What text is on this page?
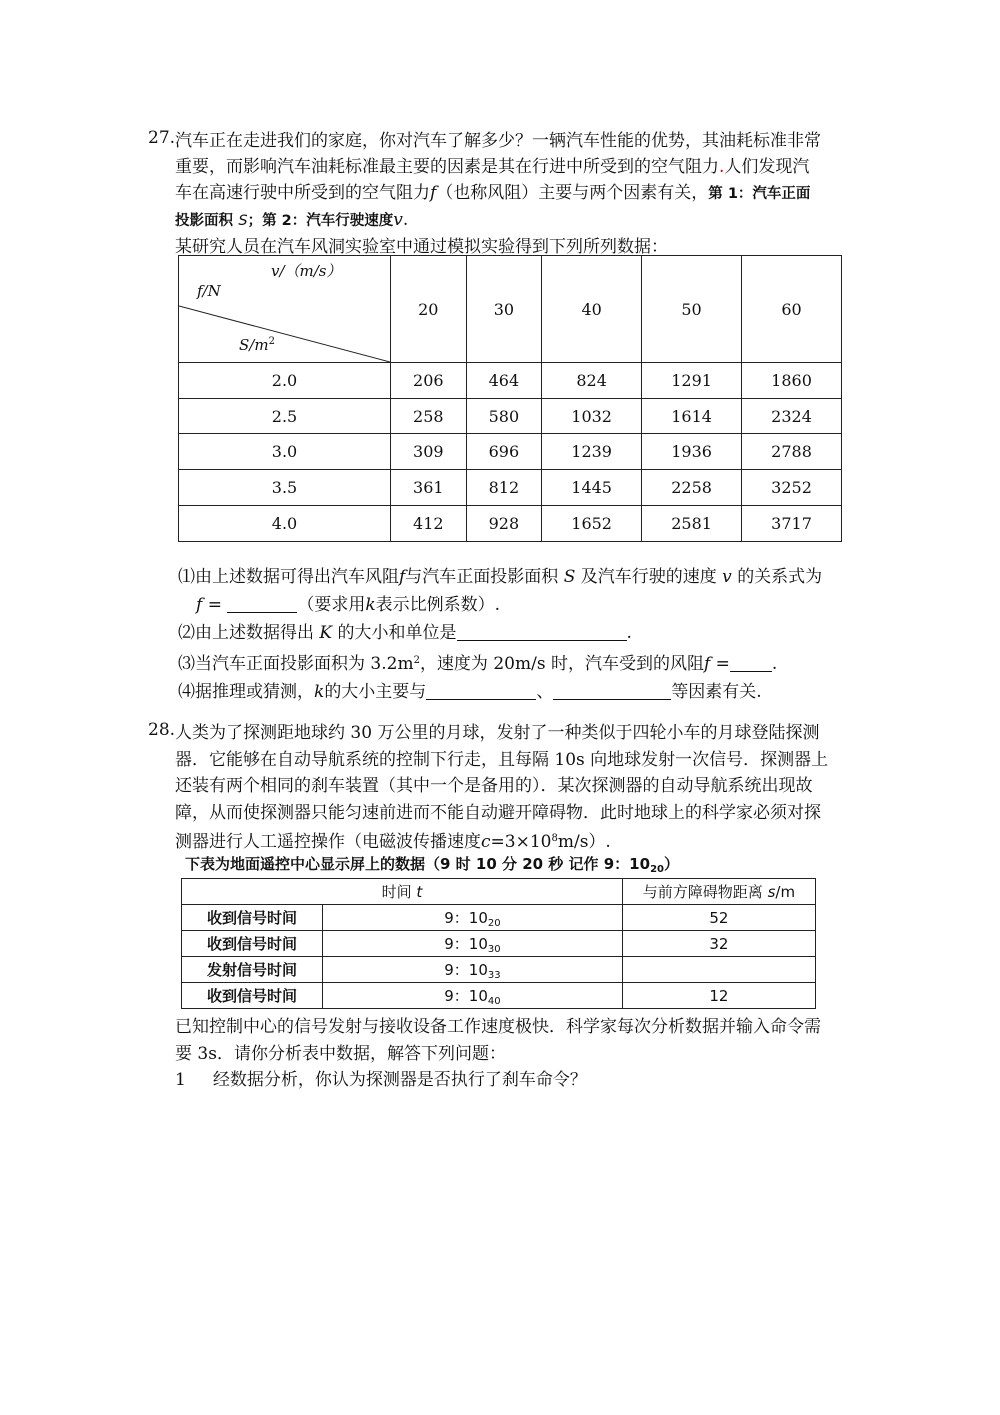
27. 汽车正在走进我们的家庭，你对汽车了解多少？一辆汽车性能的优势，其油耗标准非常
重要，而影响汽车油耗标准最主要的因素是其在行进中所受到的空气阻力.人们发现汽
车在高速行驶中所受到的空气阻力f（也称风阻）主要与两个因素有关，第 1：汽车正面
投影面积 S；第 2：汽车行驶速度v.
某研究人员在汽车风洞实验室中通过模拟实验得到下列所列数据：
v/（m/s）
f/N
$S/m^2$	20	30	40	50	60
2.0	206	464	824	1291	1860
2.5	258	580	1032	1614	2324
3.0	309	696	1239	1936	2788
3.5	361	812	1445	2258	3252
4.0	412	928	1652	2581	3717
⑴由上述数据可得出汽车风阻f与汽车正面投影面积 S 及汽车行驶的速度 v 的关系式为
f =	（要求用k表示比例系数）.
⑵由上述数据得出 K 的大小和单位是	.
⑶当汽车正面投影面积为 $3.2m^2$，速度为 20m/s 时，汽车受到的风阻f = .
⑷据推理或猜测，k的大小主要与	、	等因素有关.
28. 人类为了探测距地球约 30 万公里的月球，发射了一种类似于四轮小车的月球登陆探测
器．它能够在自动导航系统的控制下行走，且每隔 10s 向地球发射一次信号．探测器上
还装有两个相同的刹车装置（其中一个是备用的）．某次探测器的自动导航系统出现故
障，从而使探测器只能匀速前进而不能自动避开障碍物．此时地球上的科学家必须对探
测器进行人工遥控操作（电磁波传播速度$c=3\times 10^8m/s$）.
下表为地面遥控中心显示屏上的数据（9 时 10 分 20 秒 记作 9：$10_{20}$）
时间 t		与前方障碍物距离 s/m
收到信号时间	9：$10_{20}$	52
收到信号时间	9：$10_{30}$	32
发射信号时间	9：$10_{33}$	
收到信号时间	9：$10_{40}$	12
已知控制中心的信号发射与接收设备工作速度极快．科学家每次分析数据并输入命令需
要 3s．请你分析表中数据，解答下列问题：
1 经数据分析，你认为探测器是否执行了刹车命令？
